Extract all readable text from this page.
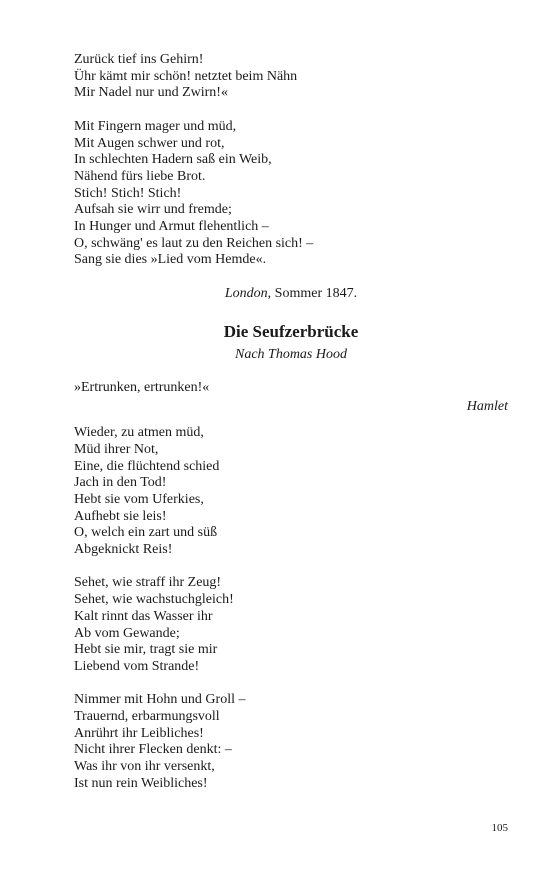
Zurück tief ins Gehirn!
Ühr kämt mir schön! netztet beim Nähn
Mir Nadel nur und Zwirn!«
Mit Fingern mager und müd,
Mit Augen schwer und rot,
In schlechten Hadern saß ein Weib,
Nähend fürs liebe Brot.
Stich! Stich! Stich!
Aufsah sie wirr und fremde;
In Hunger und Armut flehentlich –
O, schwäng' es laut zu den Reichen sich! –
Sang sie dies »Lied vom Hemde«.
London, Sommer 1847.
Die Seufzerbrücke
Nach Thomas Hood
»Ertrunken, ertrunken!«
Hamlet
Wieder, zu atmen müd,
Müd ihrer Not,
Eine, die flüchtend schied
Jach in den Tod!
Hebt sie vom Uferkies,
Aufhebt sie leis!
O, welch ein zart und süß
Abgeknickt Reis!
Sehet, wie straff ihr Zeug!
Sehet, wie wachstuchgleich!
Kalt rinnt das Wasser ihr
Ab vom Gewande;
Hebt sie mir, tragt sie mir
Liebend vom Strande!
Nimmer mit Hohn und Groll –
Trauernd, erbarmungsvoll
Anrührt ihr Leibliches!
Nicht ihrer Flecken denkt: –
Was ihr von ihr versenkt,
Ist nun rein Weibliches!
105
